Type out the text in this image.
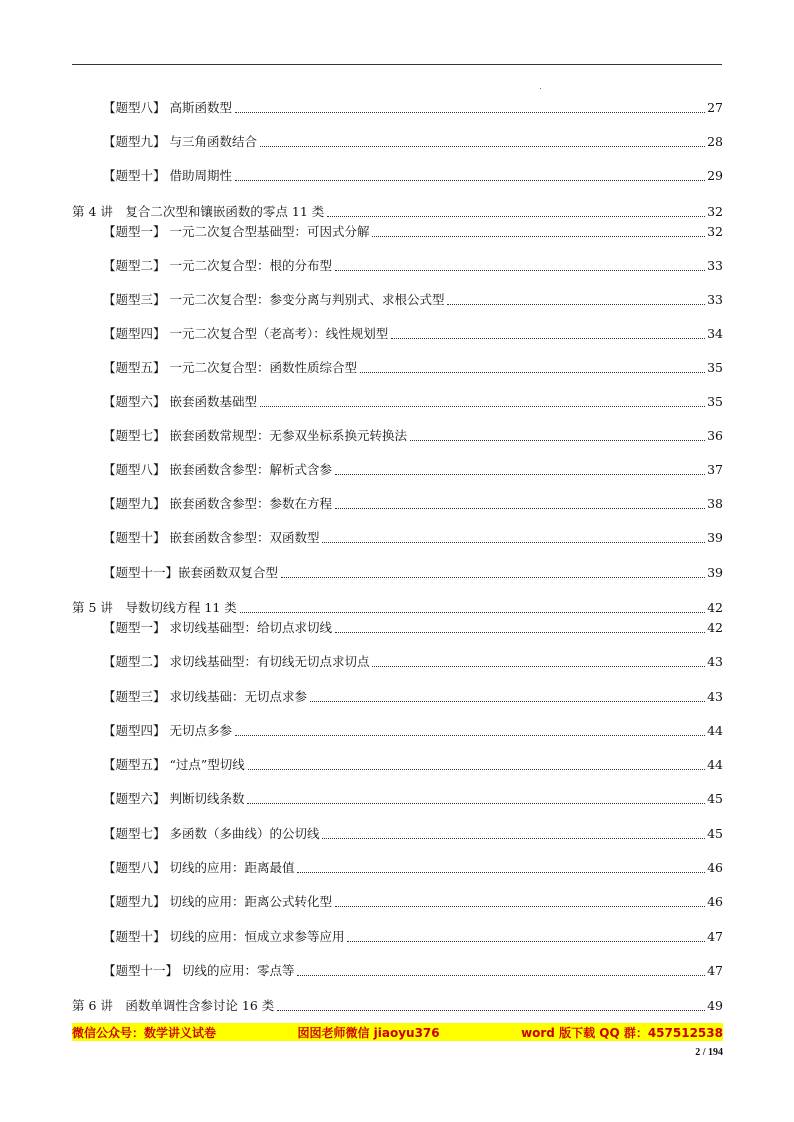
【题型八】 高斯函数型	27
【题型九】 与三角函数结合	28
【题型十】 借助周期性	29
第 4 讲　复合二次型和镶嵌函数的零点 11 类	32
【题型一】 一元二次复合型基础型：可因式分解	32
【题型二】 一元二次复合型：根的分布型	33
【题型三】 一元二次复合型：参变分离与判别式、求根公式型	33
【题型四】 一元二次复合型（老高考）：线性规划型	34
【题型五】 一元二次复合型：函数性质综合型	35
【题型六】 嵌套函数基础型	35
【题型七】 嵌套函数常规型：无参双坐标系换元转换法	36
【题型八】 嵌套函数含参型：解析式含参	37
【题型九】 嵌套函数含参型：参数在方程	38
【题型十】 嵌套函数含参型：双函数型	39
【题型十一】嵌套函数双复合型	39
第 5 讲　导数切线方程 11 类	42
【题型一】 求切线基础型：给切点求切线	42
【题型二】 求切线基础型：有切线无切点求切点	43
【题型三】 求切线基础：无切点求参	43
【题型四】 无切点多参	44
【题型五】 “过点”型切线	44
【题型六】 判断切线条数	45
【题型七】 多函数（多曲线）的公切线	45
【题型八】 切线的应用：距离最值	46
【题型九】 切线的应用：距离公式转化型	46
【题型十】 切线的应用：恒成立求参等应用	47
【题型十一】 切线的应用：零点等	47
第 6 讲　函数单调性含参讨论 16 类	49
微信公众号：数学讲义试卷	囡囡老师微信 jiaoyu376	word 版下载 QQ 群：457512538
2 / 194
